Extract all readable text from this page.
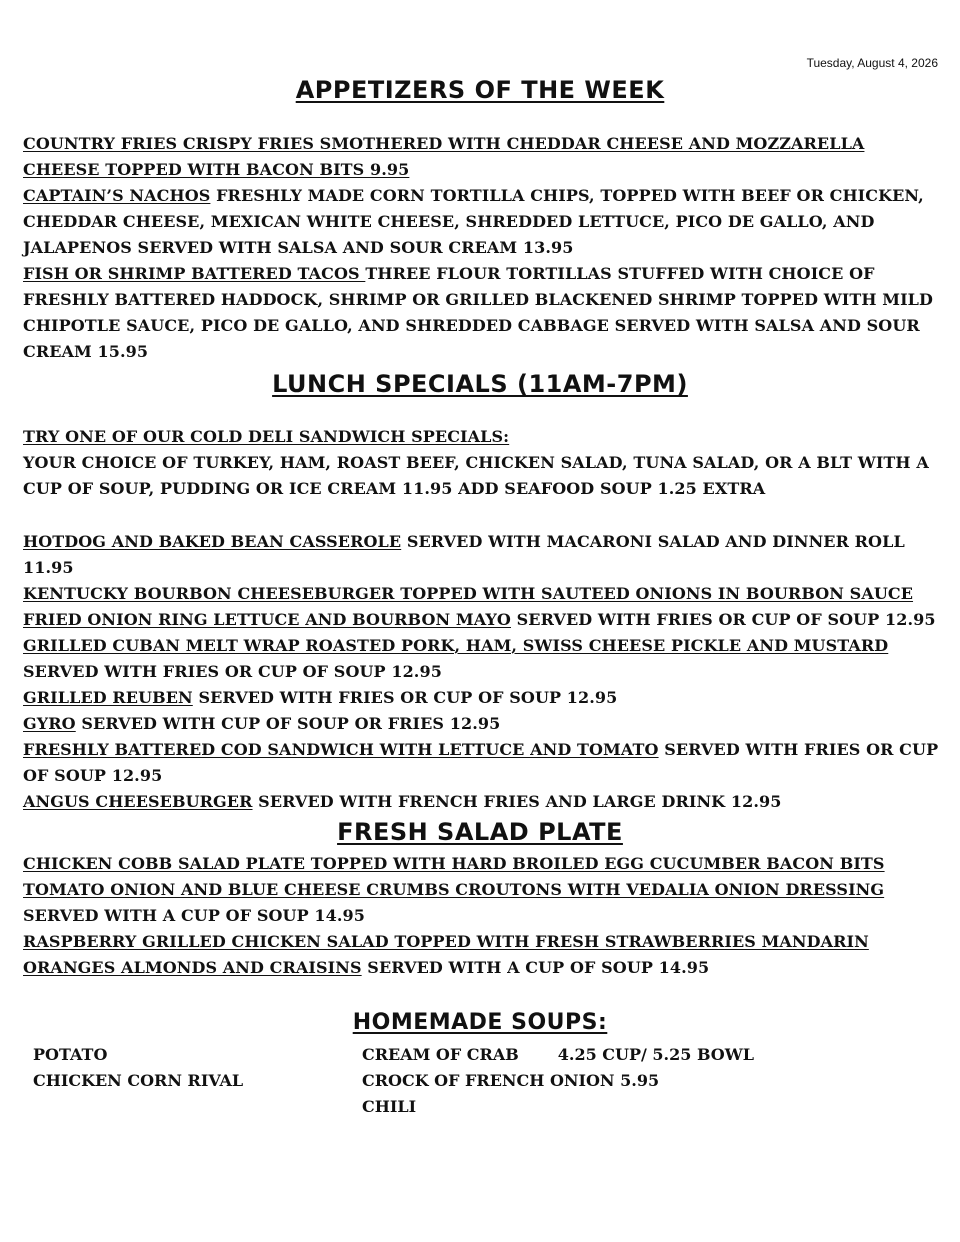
Tuesday, August 4, 2026
APPETIZERS OF THE WEEK

COUNTRY FRIES CRISPY FRIES SMOTHERED WITH CHEDDAR CHEESE AND MOZZARELLA CHEESE TOPPED WITH BACON BITS 9.95

CAPTAIN’S NACHOS FRESHLY MADE CORN TORTILLA CHIPS, TOPPED WITH BEEF OR CHICKEN, CHEDDAR CHEESE, MEXICAN WHITE CHEESE, SHREDDED LETTUCE, PICO DE GALLO, AND JALAPENOS SERVED WITH SALSA AND SOUR CREAM 13.95

FISH OR SHRIMP BATTERED TACOS THREE FLOUR TORTILLAS STUFFED WITH CHOICE OF FRESHLY BATTERED HADDOCK, SHRIMP OR GRILLED BLACKENED SHRIMP TOPPED WITH MILD CHIPOTLE SAUCE, PICO DE GALLO, AND SHREDDED CABBAGE SERVED WITH SALSA AND SOUR CREAM 15.95

LUNCH SPECIALS (11AM-7PM)

TRY ONE OF OUR COLD DELI SANDWICH SPECIALS:

YOUR CHOICE OF TURKEY, HAM, ROAST BEEF, CHICKEN SALAD, TUNA SALAD, OR A BLT WITH A CUP OF SOUP, PUDDING OR ICE CREAM 11.95 ADD SEAFOOD SOUP 1.25 EXTRA

HOTDOG AND BAKED BEAN CASSEROLE SERVED WITH MACARONI SALAD AND DINNER ROLL 11.95

KENTUCKY BOURBON CHEESEBURGER TOPPED WITH SAUTEED ONIONS IN BOURBON SAUCE FRIED ONION RING LETTUCE AND BOURBON MAYO SERVED WITH FRIES OR CUP OF SOUP 12.95

GRILLED CUBAN MELT WRAP ROASTED PORK, HAM, SWISS CHEESE PICKLE AND MUSTARD SERVED WITH FRIES OR CUP OF SOUP 12.95

GRILLED REUBEN SERVED WITH FRIES OR CUP OF SOUP 12.95

GYRO SERVED WITH CUP OF SOUP OR FRIES 12.95

FRESHLY BATTERED COD SANDWICH WITH LETTUCE AND TOMATO SERVED WITH FRIES OR CUP OF SOUP 12.95

ANGUS CHEESEBURGER SERVED WITH FRENCH FRIES AND LARGE DRINK 12.95

FRESH SALAD PLATE

CHICKEN COBB SALAD PLATE TOPPED WITH HARD BROILED EGG CUCUMBER BACON BITS TOMATO ONION AND BLUE CHEESE CRUMBS CROUTONS WITH VEDALIA ONION DRESSING SERVED WITH A CUP OF SOUP 14.95

RASPBERRY GRILLED CHICKEN SALAD TOPPED WITH FRESH STRAWBERRIES MANDARIN ORANGES ALMONDS AND CRAISINS SERVED WITH A CUP OF SOUP 14.95

HOMEMADE SOUPS:
POTATO
CHICKEN CORN RIVAL
CREAM OF CRAB       4.25 CUP/ 5.25 BOWL
CROCK OF FRENCH ONION 5.95
CHILI
